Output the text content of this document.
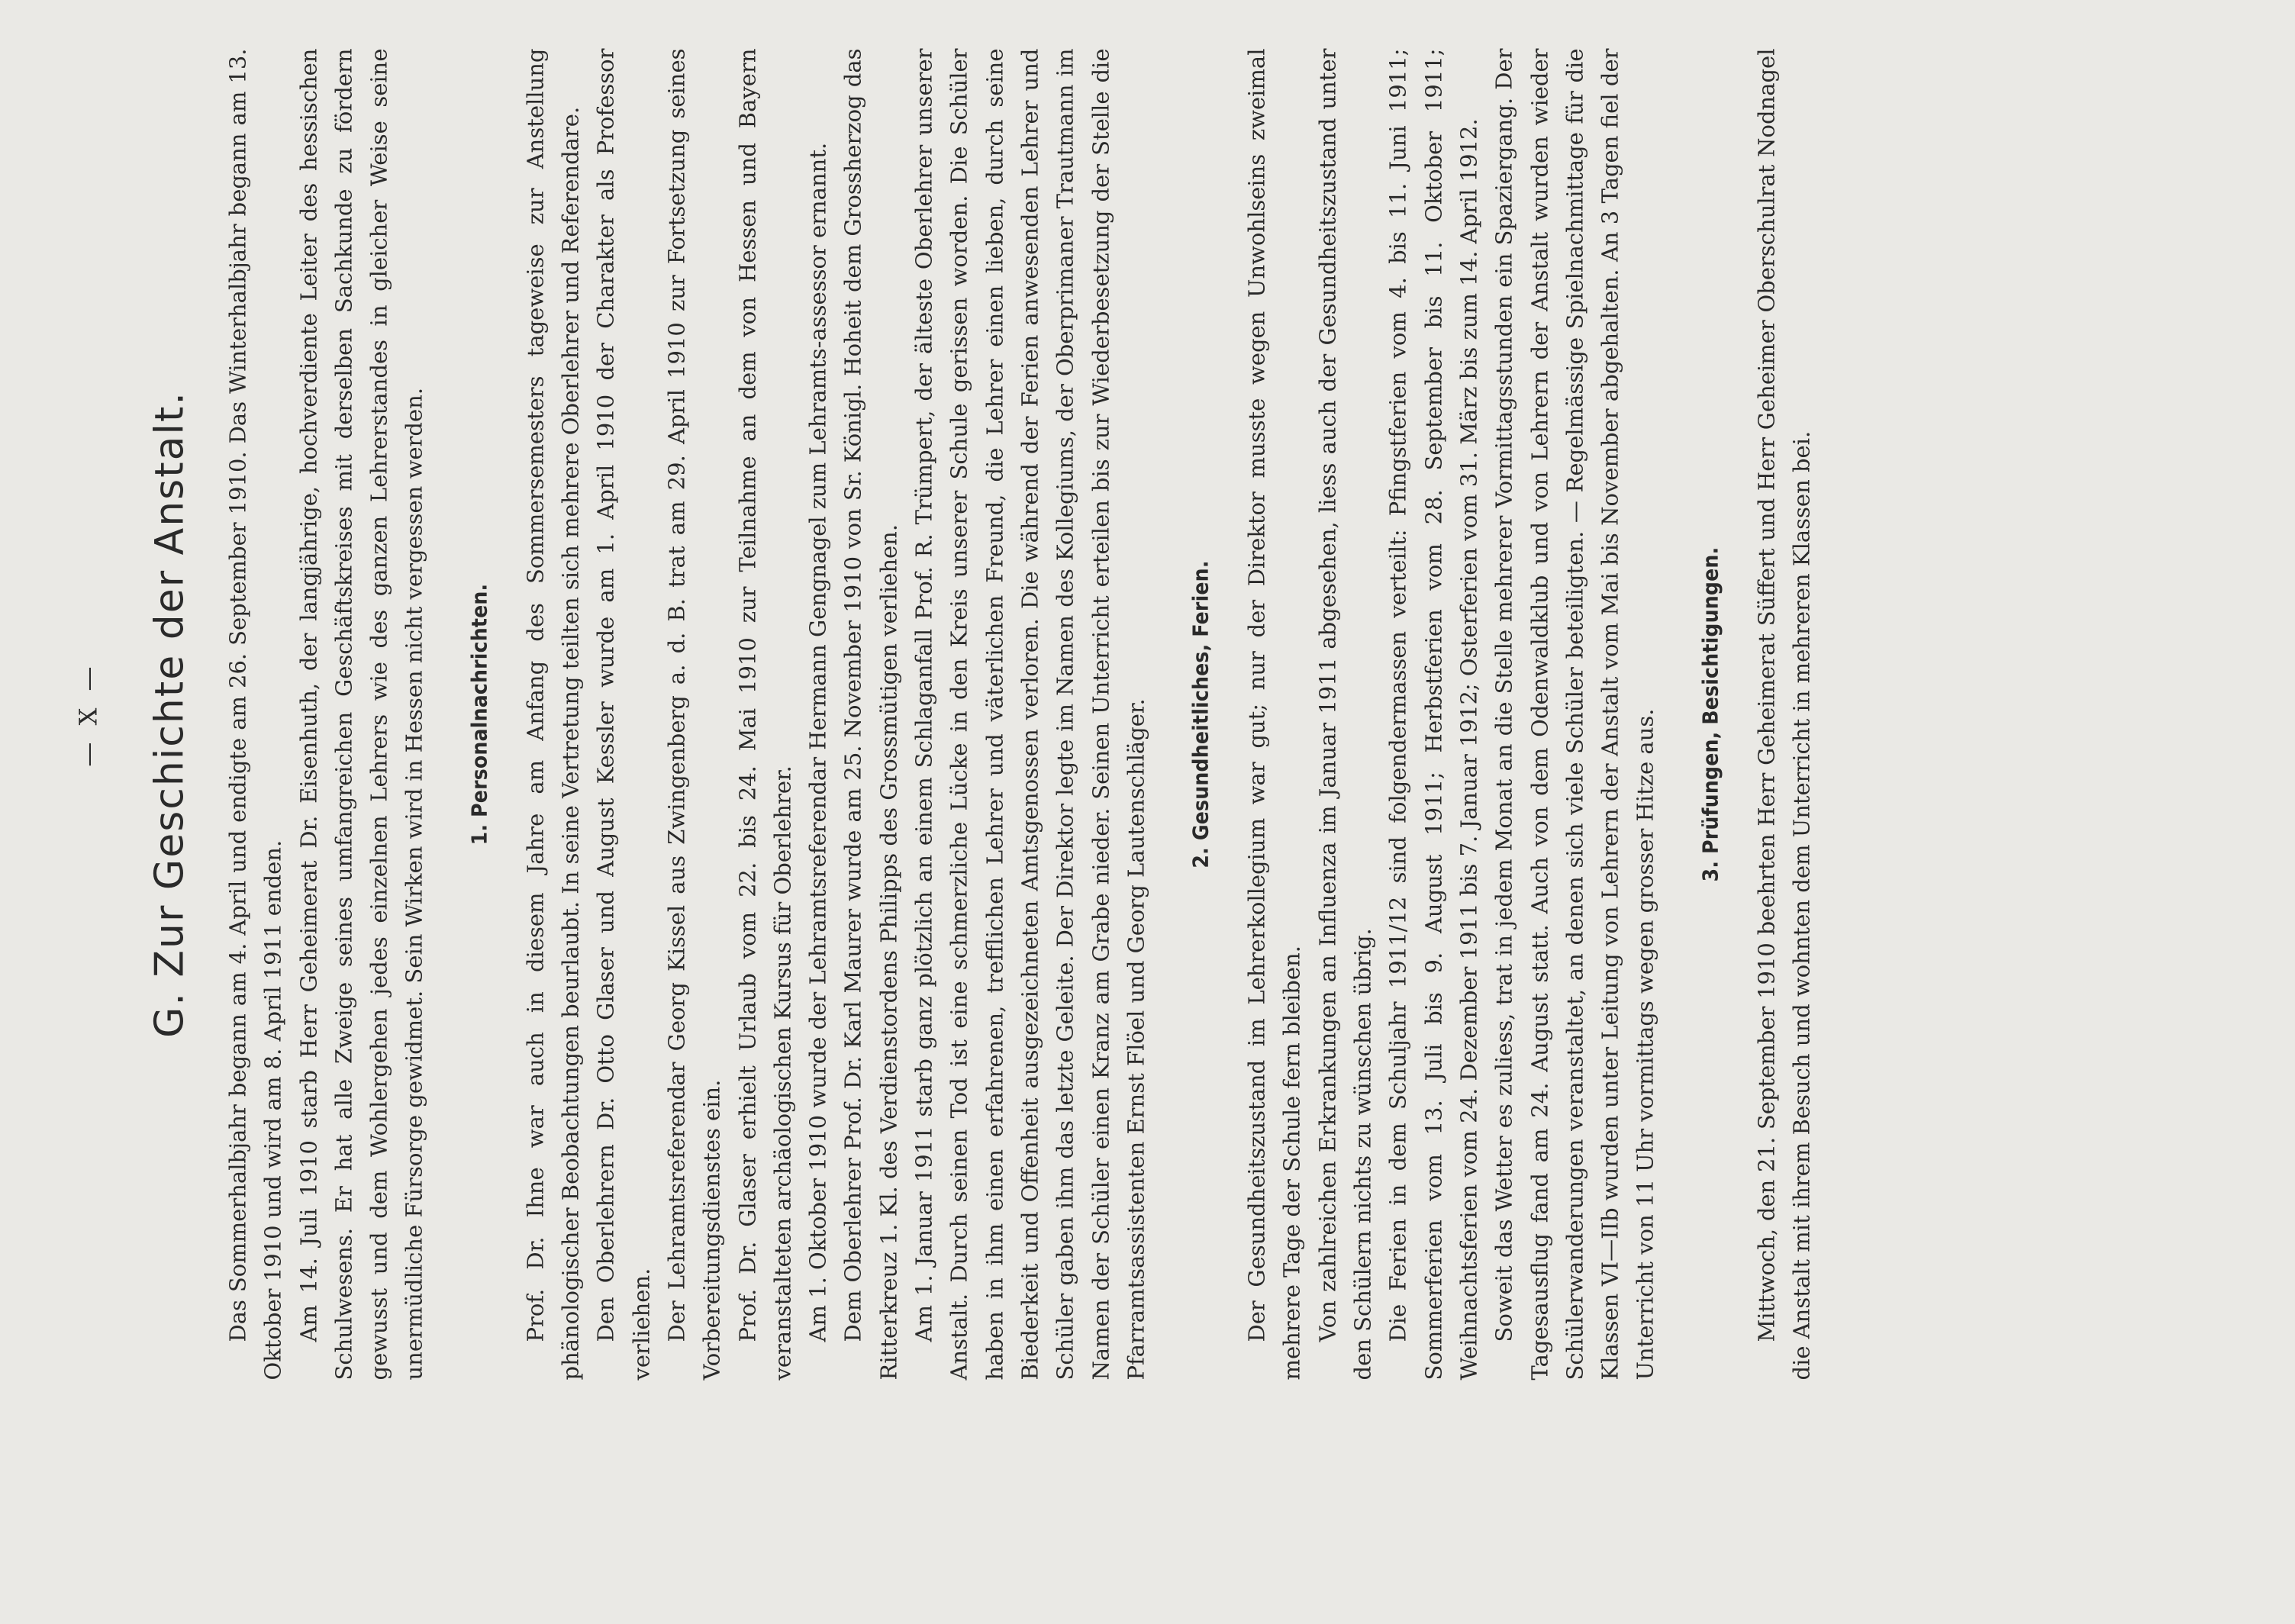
— X — G. Zur Geschichte der Anstalt. Das Sommerhalbjahr begann am 4. April und endigte am 26. September 1910. Das Winterhalbjahr begann am 13. Oktober 1910 und wird am 8. April 1911 enden. Am 14. Juli 1910 starb Herr Geheimerat Dr. Eisenhuth, der langjährige, hochverdiente Leiter des hessischen Schulwesens. Er hat alle Zweige seines umfangreichen Geschäftskreises mit derselben Sachkunde zu fördern gewusst und dem Wohlergehen jedes einzelnen Lehrers wie des ganzen Lehrerstandes in gleicher Weise seine unermüdliche Fürsorge gewidmet. Sein Wirken wird in Hessen nicht vergessen werden. 1. Personalnachrichten. Prof. Dr. Ihne war auch in diesem Jahre am Anfang des Sommersemesters tageweise zur Anstellung phänologischer Beobachtungen beurlaubt. In seine Vertretung teilten sich mehrere Oberlehrer und Referendare. Den Oberlehrern Dr. Otto Glaser und August Kessler wurde am 1. April 1910 der Charakter als Professor verliehen. Der Lehramtsreferendar Georg Kissel aus Zwingenberg a. d. B. trat am 29. April 1910 zur Fortsetzung seines Vorbereitungsdienstes ein. Prof. Dr. Glaser erhielt Urlaub vom 22. bis 24. Mai 1910 zur Teilnahme an dem von Hessen und Bayern veranstalteten archäologischen Kursus für Oberlehrer. Am 1. Oktober 1910 wurde der Lehramtsreferendar Hermann Gengnagel zum Lehramts-assessor ernannt. Dem Oberlehrer Prof. Dr. Karl Maurer wurde am 25. November 1910 von Sr. Königl. Hoheit dem Grossherzog das Ritterkreuz 1. Kl. des Verdienstordens Philipps des Grossmütigen verliehen. Am 1. Januar 1911 starb ganz plötzlich an einem Schlaganfall Prof. R. Trümpert, der älteste Oberlehrer unserer Anstalt. Durch seinen Tod ist eine schmerzliche Lücke in den Kreis unserer Schule gerissen worden. Die Schüler haben in ihm einen erfahrenen, trefflichen Lehrer und väterlichen Freund, die Lehrer einen lieben, durch seine Biederkeit und Offenheit ausgezeichneten Amtsgenossen verloren. Die während der Ferien anwesenden Lehrer und Schüler gaben ihm das letzte Geleite. Der Direktor legte im Namen des Kollegiums, der Oberprimaner Trautmann im Namen der Schüler einen Kranz am Grabe nieder. Seinen Unterricht erteilen bis zur Wiederbesetzung der Stelle die Pfarramtsassistenten Ernst Flöel und Georg Lautenschläger. 2. Gesundheitliches, Ferien. Der Gesundheitszustand im Lehrerkollegium war gut; nur der Direktor musste wegen Unwohlseins zweimal mehrere Tage der Schule fern bleiben. Von zahlreichen Erkrankungen an Influenza im Januar 1911 abgesehen, liess auch der Gesundheitszustand unter den Schülern nichts zu wünschen übrig. Die Ferien in dem Schuljahr 1911/12 sind folgendermassen verteilt: Pfingstferien vom 4. bis 11. Juni 1911; Sommerferien vom 13. Juli bis 9. August 1911; Herbstferien vom 28. September bis 11. Oktober 1911; Weihnachtsferien vom 24. Dezember 1911 bis 7. Januar 1912; Osterferien vom 31. März bis zum 14. April 1912. Soweit das Wetter es zuliess, trat in jedem Monat an die Stelle mehrerer Vormittagsstunden ein Spaziergang. Der Tagesausflug fand am 24. August statt. Auch von dem Odenwaldklub und von Lehrern der Anstalt wurden wieder Schülerwanderungen veranstaltet, an denen sich viele Schüler beteiligten. — Regelmässige Spielnachmittage für die Klassen VI—IIb wurden unter Leitung von Lehrern der Anstalt vom Mai bis November abgehalten. An 3 Tagen fiel der Unterricht von 11 Uhr vormittags wegen grosser Hitze aus. 3. Prüfungen, Besichtigungen. Mittwoch, den 21. September 1910 beehrten Herr Geheimerat Süffert und Herr Geheimer Oberschulrat Nodnagel die Anstalt mit ihrem Besuch und wohnten dem Unterricht in mehreren Klassen bei.
